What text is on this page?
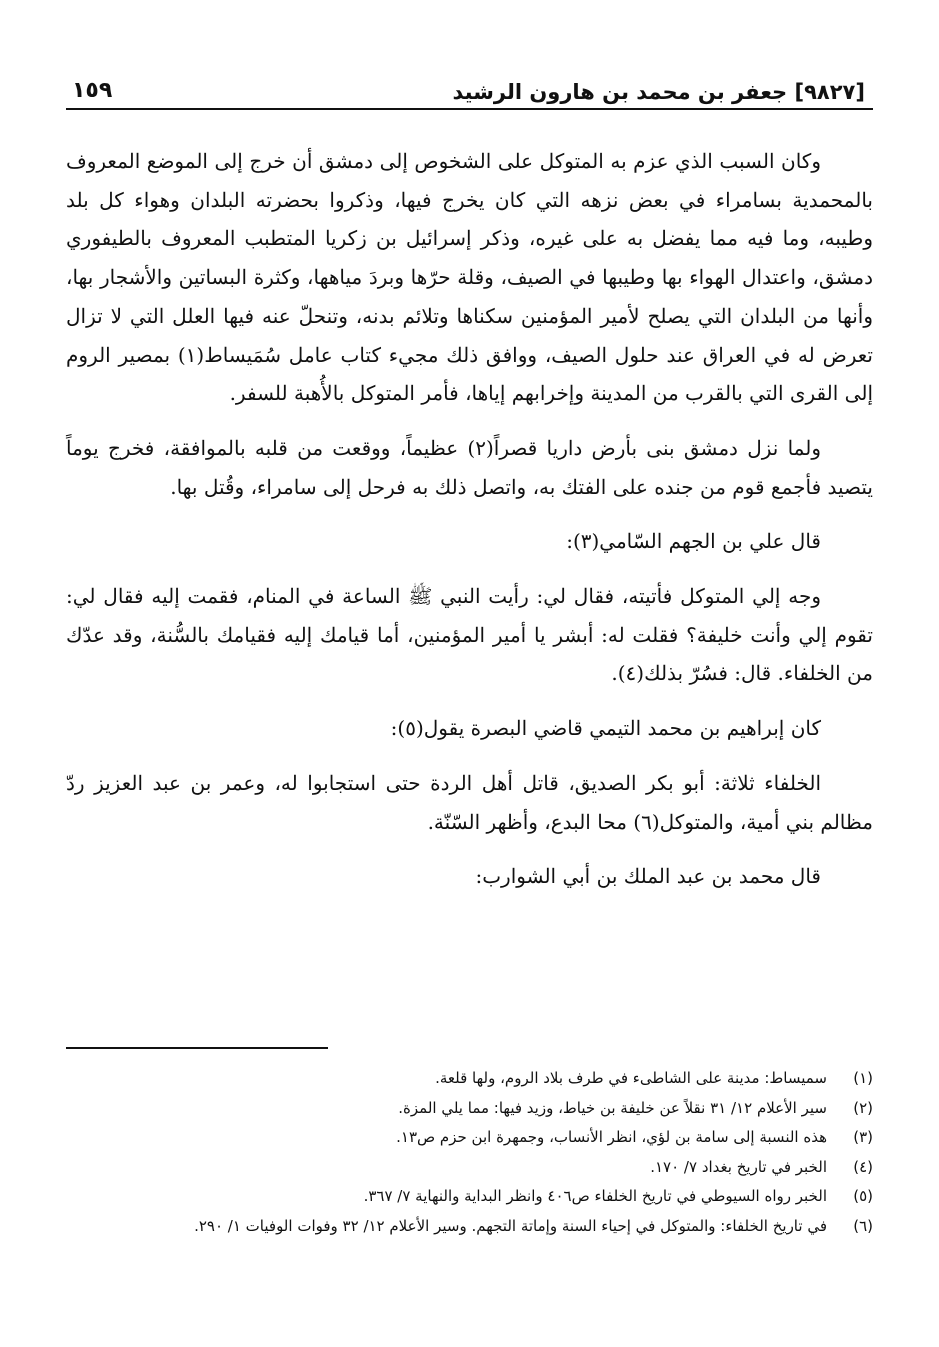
[٩٨٢٧] جعفر بن محمد بن هارون الرشيد
١٥٩

وكان السبب الذي عزم به المتوكل على الشخوص إلى دمشق أن خرج إلى الموضع المعروف بالمحمدية بسامراء في بعض نزهه التي كان يخرج فيها، وذكروا بحضرته البلدان وهواء كل بلد وطيبه، وما فيه مما يفضل به على غيره، وذكر إسرائيل بن زكريا المتطبب المعروف بالطيفوري دمشق، واعتدال الهواء بها وطيبها في الصيف، وقلة حرّها وبردَ مياهها، وكثرة البساتين والأشجار بها، وأنها من البلدان التي يصلح لأمير المؤمنين سكناها وتلائم بدنه، وتنحلّ عنه فيها العلل التي لا تزال تعرض له في العراق عند حلول الصيف، ووافق ذلك مجيء كتاب عامل سُمَيساط(١) بمصير الروم إلى القرى التي بالقرب من المدينة وإخرابهم إياها، فأمر المتوكل بالأُهبة للسفر.

ولما نزل دمشق بنى بأرض داريا قصراً(٢) عظيماً، ووقعت من قلبه بالموافقة، فخرج يوماً يتصيد فأجمع قوم من جنده على الفتك به، واتصل ذلك به فرحل إلى سامراء، وقُتل بها.

قال علي بن الجهم السّامي(٣):

وجه إلي المتوكل فأتيته، فقال لي: رأيت النبي ﷺ الساعة في المنام، فقمت إليه فقال لي: تقوم إلي وأنت خليفة؟ فقلت له: أبشر يا أمير المؤمنين، أما قيامك إليه فقيامك بالسُّنة، وقد عدّك من الخلفاء. قال: فسُرّ بذلك(٤).

كان إبراهيم بن محمد التيمي قاضي البصرة يقول(٥):

الخلفاء ثلاثة: أبو بكر الصديق، قاتل أهل الردة حتى استجابوا له، وعمر بن عبد العزيز ردّ مظالم بني أمية، والمتوكل(٦) محا البدع، وأظهر السّنّة.

قال محمد بن عبد الملك بن أبي الشوارب:

(١)سميساط: مدينة على الشاطىء في طرف بلاد الروم، ولها قلعة.
(٢)سير الأعلام ١٢/ ٣١ نقلاً عن خليفة بن خياط، وزيد فيها: مما يلي المزة.
(٣)هذه النسبة إلى سامة بن لؤي، انظر الأنساب، وجمهرة ابن حزم ص١٣.
(٤)الخبر في تاريخ بغداد ٧/ ١٧٠.
(٥)الخبر رواه السيوطي في تاريخ الخلفاء ص٤٠٦ وانظر البداية والنهاية ٧/ ٣٦٧.
(٦)في تاريخ الخلفاء: والمتوكل في إحياء السنة وإماتة التجهم. وسير الأعلام ١٢/ ٣٢ وفوات الوفيات ١/ ٢٩٠.
